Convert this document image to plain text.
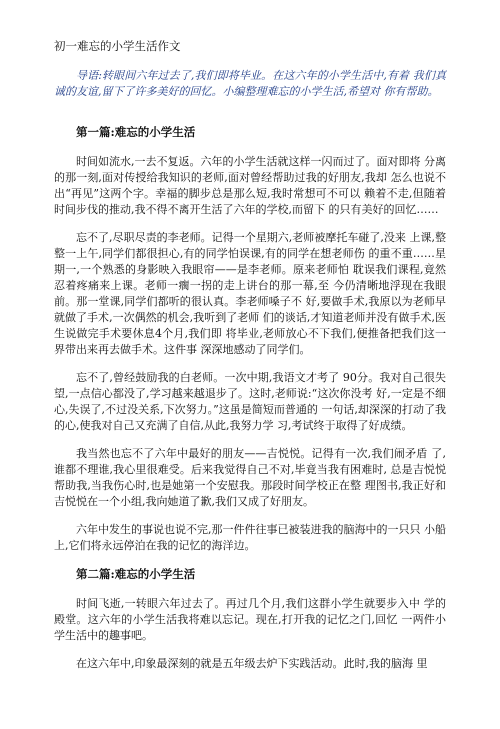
初一难忘的小学生活作文

导语:转眼间六年过去了,我们即将毕业。在这六年的小学生活中,有着 我们真诚的友谊,留下了许多美好的回忆。小编整理难忘的小学生活,希望对 你有帮助。

第一篇:难忘的小学生活

时间如流水,一去不复返。六年的小学生活就这样一闪而过了。面对即将 分离的那一刻,面对传授给我知识的老师,面对曾经帮助过我的好朋友,我却 怎么也说不出“再见”这两个字。幸福的脚步总是那么短,我时常想可不可以 赖着不走,但随着时间步伐的推动,我不得不离开生活了六年的学校,而留下 的只有美好的回忆……

忘不了,尽职尽责的李老师。记得一个星期六,老师被摩托车碰了,没来 上课,整整一上午,同学们都很担心,有的同学怕误课,有的同学在想老师伤 的重不重……星期一,一个熟悉的身影映入我眼帘——是李老师。原来老师怕 耽误我们课程,竟然忍着疼痛来上课。老师一瘸一拐的走上讲台的那一幕,至 今仍清晰地浮现在我眼前。那一堂课,同学们都听的很认真。李老师嗓子不 好,要做手术,我原以为老师早就做了手术,一次偶然的机会,我听到了老师 们的谈话,才知道老师并没有做手术,医生说做完手术要休息4个月,我们即 将毕业,老师放心不下我们,便推备把我们这一界带出来再去做手术。这件事 深深地感动了同学们。

忘不了,曾经鼓励我的白老师。一次中期,我语文才考了 90分。我对自己很失望,一点信心都没了,学习越来越退步了。这时,老师说:“这次你没考 好,一定是不细心,失误了,不过没关系,下次努力。”这虽是简短而普通的 一句话,却深深的打动了我的心,使我对自己又充满了自信,从此,我努力学 习,考试终于取得了好成绩。

我当然也忘不了六年中最好的朋友——吉悦悦。记得有一次,我们闹矛盾 了,谁都不理谁,我心里很难受。后来我觉得自己不对,毕竟当我有困难时, 总是吉悦悦帮助我,当我伤心时,也是她第一个安慰我。那段时间学校正在整 理图书,我正好和吉悦悦在一个小组,我向她道了歉,我们又成了好朋友。

六年中发生的事说也说不完,那一件件往事已被装进我的脑海中的一只只 小船上,它们将永远停泊在我的记忆的海洋边。

第二篇:难忘的小学生活

时间飞逝,一转眼六年过去了。再过几个月,我们这群小学生就要步入中 学的殿堂。这六年的小学生活我将难以忘记。现在,打开我的记忆之门,回忆 一两件小学生活中的趣事吧。

在这六年中,印象最深刻的就是五年级去炉下实践活动。此时,我的脑海 里
